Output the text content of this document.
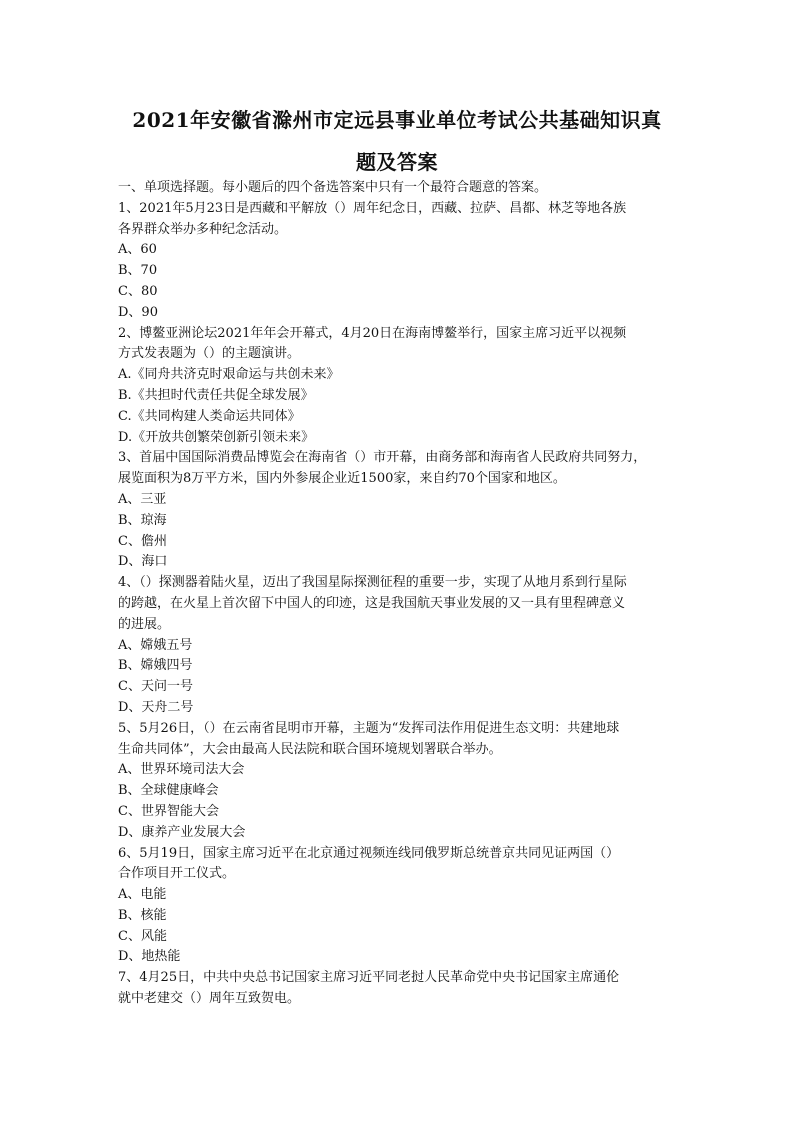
2021年安徽省滁州市定远县事业单位考试公共基础知识真
题及答案
一、单项选择题。每小题后的四个备选答案中只有一个最符合题意的答案。
1、2021年5月23日是西藏和平解放（）周年纪念日，西藏、拉萨、昌都、林芝等地各族
各界群众举办多种纪念活动。
A、60
B、70
C、80
D、90
2、博鳌亚洲论坛2021年年会开幕式，4月20日在海南博鳌举行，国家主席习近平以视频
方式发表题为（）的主题演讲。
A.《同舟共济克时艰命运与共创未来》
B.《共担时代责任共促全球发展》
C.《共同构建人类命运共同体》
D.《开放共创繁荣创新引领未来》
3、首届中国国际消费品博览会在海南省（）市开幕，由商务部和海南省人民政府共同努力，
展览面积为8万平方米，国内外参展企业近1500家，来自约70个国家和地区。
A、三亚
B、琼海
C、儋州
D、海口
4、（）探测器着陆火星，迈出了我国星际探测征程的重要一步，实现了从地月系到行星际
的跨越，在火星上首次留下中国人的印迹，这是我国航天事业发展的又一具有里程碑意义
的进展。
A、嫦娥五号
B、嫦娥四号
C、天问一号
D、天舟二号
5、5月26日，（）在云南省昆明市开幕，主题为“发挥司法作用促进生态文明：共建地球
生命共同体”，大会由最高人民法院和联合国环境规划署联合举办。
A、世界环境司法大会
B、全球健康峰会
C、世界智能大会
D、康养产业发展大会
6、5月19日，国家主席习近平在北京通过视频连线同俄罗斯总统普京共同见证两国（）
合作项目开工仪式。
A、电能
B、核能
C、风能
D、地热能
7、4月25日，中共中央总书记国家主席习近平同老挝人民革命党中央书记国家主席通伦
就中老建交（）周年互致贺电。
